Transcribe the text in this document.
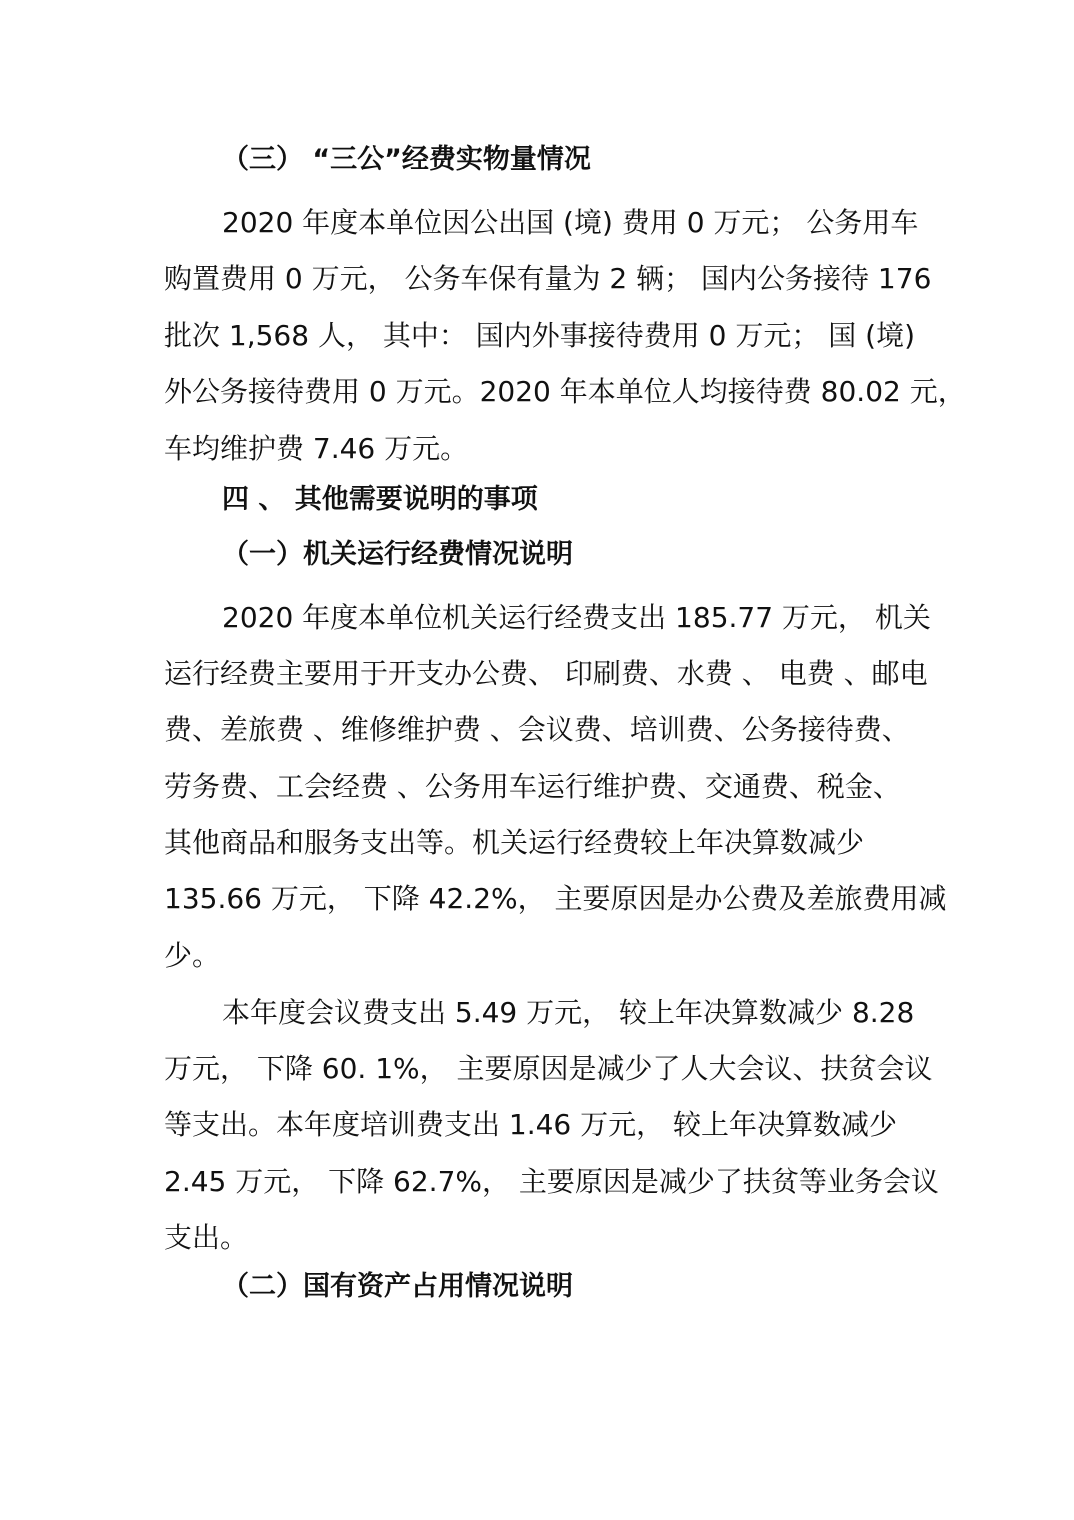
（三） “三公”经费实物量情况
2020 年度本单位因公出国 (境) 费用 0 万元； 公务用车
购置费用 0 万元， 公务车保有量为 2 辆； 国内公务接待 176
批次 1,568 人， 其中： 国内外事接待费用 0 万元； 国 (境)
外公务接待费用 0 万元。2020 年本单位人均接待费 80.02 元，
车均维护费 7.46 万元。
四 、 其他需要说明的事项
（一）机关运行经费情况说明
2020 年度本单位机关运行经费支出 185.77 万元， 机关
运行经费主要用于开支办公费、 印刷费、水费 、 电费 、邮电
费、差旅费 、维修维护费 、会议费、培训费、公务接待费、
劳务费、工会经费 、公务用车运行维护费、交通费、税金、
其他商品和服务支出等。机关运行经费较上年决算数减少
135.66 万元， 下降 42.2%， 主要原因是办公费及差旅费用减
少。
本年度会议费支出 5.49 万元， 较上年决算数减少 8.28
万元， 下降 60. 1%， 主要原因是减少了人大会议、扶贫会议
等支出。本年度培训费支出 1.46 万元， 较上年决算数减少
2.45 万元， 下降 62.7%， 主要原因是减少了扶贫等业务会议
支出。
（二）国有资产占用情况说明
